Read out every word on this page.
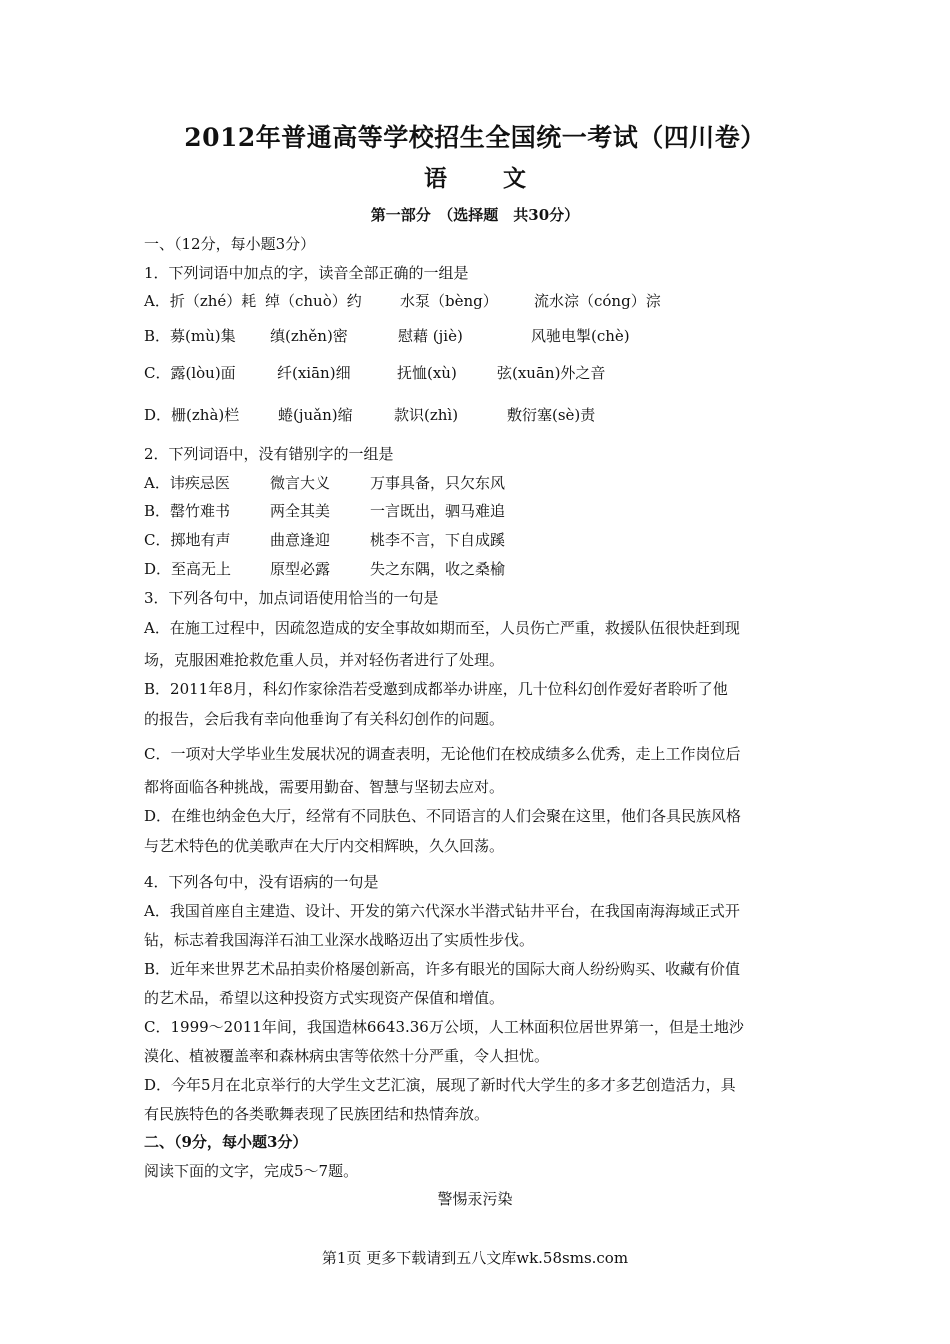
2012年普通高等学校招生全国统一考试（四川卷）
语 文
第一部分　（选择题　共30分）
一、（12分，每小题3分）
1．下列词语中加点的字，读音全部正确的一组是
A．折（zhé）耗 绰（chuò）约	水泵（bèng） 流水淙（cóng）淙
B．募(mù)集 缜(zhěn)密	慰藉 (jiè)	风驰电掣(chè)
C．露(lòu)面	纤(xiān)细	抚恤(xù)	弦(xuān)外之音
D．栅(zhà)栏	蜷(juǎn)缩	款识(zhì)	敷衍塞(sè)责
2．下列词语中，没有错别字的一组是
A．讳疾忌医	微言大义	万事具备，只欠东风
B．罄竹难书	两全其美	一言既出，驷马难追
C．掷地有声	曲意逢迎	桃李不言，下自成蹊
D．至高无上	原型必露	失之东隅，收之桑榆
3．下列各句中，加点词语使用恰当的一句是
A．在施工过程中，因疏忽造成的安全事故如期而至，人员伤亡严重，救援队伍很快赶到现
场，克服困难抢救危重人员，并对轻伤者进行了处理。
B．2011年8月，科幻作家徐浩若受邀到成都举办讲座，几十位科幻创作爱好者聆听了他
的报告，会后我有幸向他垂询了有关科幻创作的问题。
C．一项对大学毕业生发展状况的调查表明，无论他们在校成绩多么优秀，走上工作岗位后
都将面临各种挑战，需要用勤奋、智慧与坚韧去应对。
D．在维也纳金色大厅，经常有不同肤色、不同语言的人们会聚在这里，他们各具民族风格
与艺术特色的优美歌声在大厅内交相辉映，久久回荡。
4．下列各句中，没有语病的一句是
A．我国首座自主建造、设计、开发的第六代深水半潜式钻井平台，在我国南海海域正式开
钻，标志着我国海洋石油工业深水战略迈出了实质性步伐。
B．近年来世界艺术品拍卖价格屡创新高，许多有眼光的国际大商人纷纷购买、收藏有价值
的艺术品，希望以这种投资方式实现资产保值和增值。
C．1999～2011年间，我国造林6643.36万公顷，人工林面积位居世界第一，但是土地沙
漠化、植被覆盖率和森林病虫害等依然十分严重，令人担忧。
D．今年5月在北京举行的大学生文艺汇演，展现了新时代大学生的多才多艺创造活力，具
有民族特色的各类歌舞表现了民族团结和热情奔放。
二、（9分，每小题3分）
阅读下面的文字，完成5～7题。
警惕汞污染
第1页 更多下载请到五八文库wk.58sms.com
